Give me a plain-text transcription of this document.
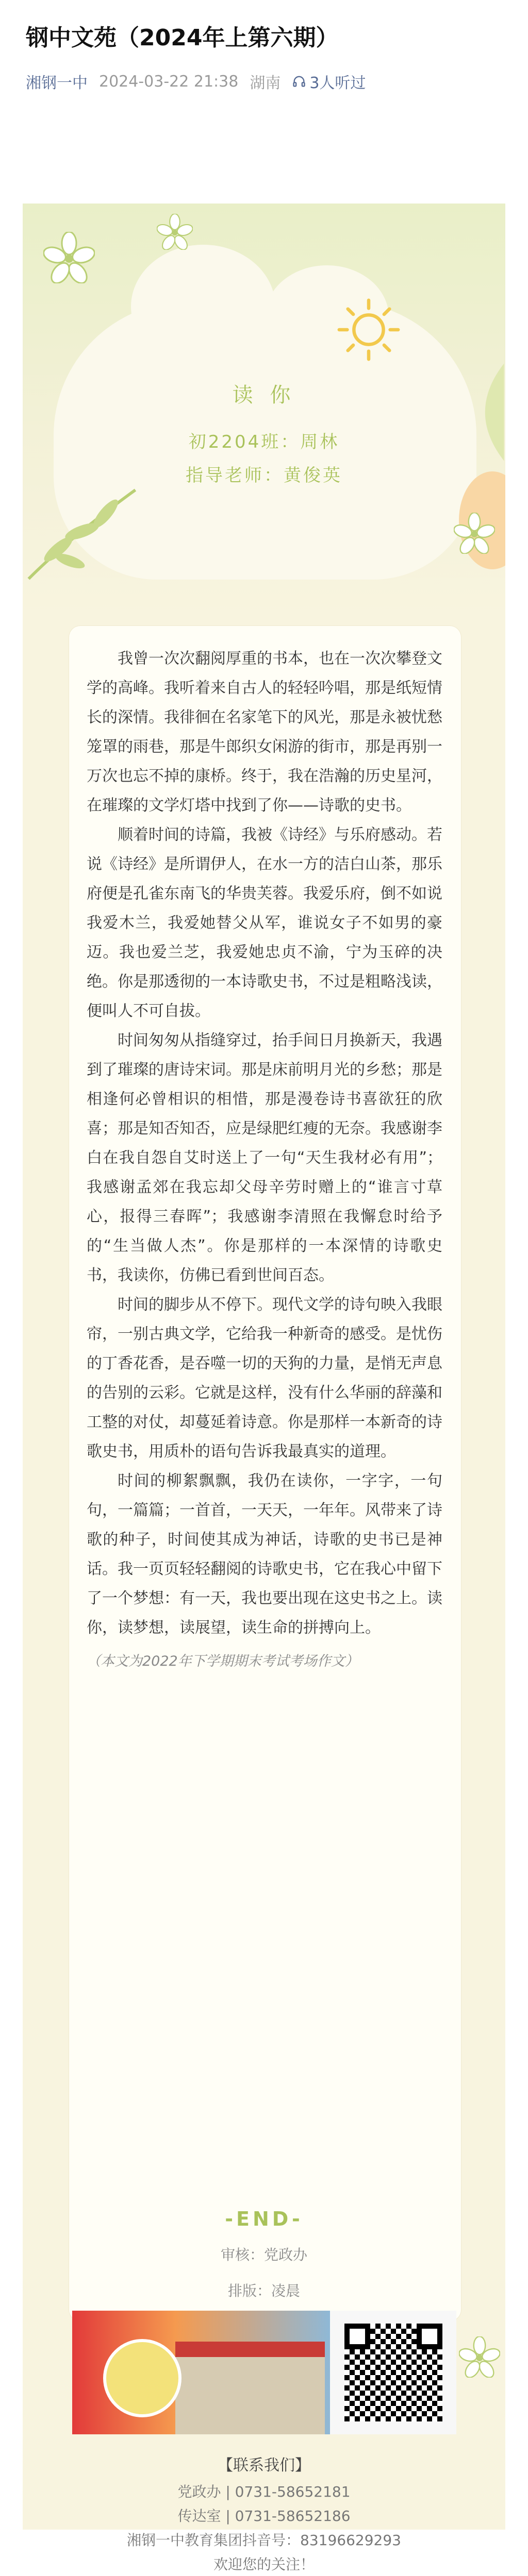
钢中文苑（2024年上第六期）
湘钢一中 2024-03-22 21:38 湖南 3人听过
读 你
初2204班：周林
指导老师：黄俊英

我曾一次次翻阅厚重的书本，也在一次次攀登文学的高峰。我听着来自古人的轻轻吟唱，那是纸短情长的深情。我徘徊在名家笔下的风光，那是永被忧愁笼罩的雨巷，那是牛郎织女闲游的街市，那是再别一万次也忘不掉的康桥。终于，我在浩瀚的历史星河，在璀璨的文学灯塔中找到了你——诗歌的史书。

顺着时间的诗篇，我被《诗经》与乐府感动。若说《诗经》是所谓伊人，在水一方的洁白山茶，那乐府便是孔雀东南飞的华贵芙蓉。我爱乐府，倒不如说我爱木兰，我爱她替父从军，谁说女子不如男的豪迈。我也爱兰芝，我爱她忠贞不渝，宁为玉碎的决绝。你是那透彻的一本诗歌史书，不过是粗略浅读，便叫人不可自拔。

时间匆匆从指缝穿过，抬手间日月换新天，我遇到了璀璨的唐诗宋词。那是床前明月光的乡愁；那是相逢何必曾相识的相惜，那是漫卷诗书喜欲狂的欣喜；那是知否知否，应是绿肥红瘦的无奈。我感谢李白在我自怨自艾时送上了一句“天生我材必有用”；我感谢孟郊在我忘却父母辛劳时赠上的“谁言寸草心，报得三春晖”；我感谢李清照在我懈怠时给予的“生当做人杰”。你是那样的一本深情的诗歌史书，我读你，仿佛已看到世间百态。

时间的脚步从不停下。现代文学的诗句映入我眼帘，一别古典文学，它给我一种新奇的感受。是忧伤的丁香花香，是吞噬一切的天狗的力量，是悄无声息的告别的云彩。它就是这样，没有什么华丽的辞藻和工整的对仗，却蔓延着诗意。你是那样一本新奇的诗歌史书，用质朴的语句告诉我最真实的道理。

时间的柳絮飘飘，我仍在读你，一字字，一句句，一篇篇；一首首，一天天，一年年。风带来了诗歌的种子，时间使其成为神话，诗歌的史书已是神话。我一页页轻轻翻阅的诗歌史书，它在我心中留下了一个梦想：有一天，我也要出现在这史书之上。读你，读梦想，读展望，读生命的拼搏向上。

（本文为2022年下学期期末考试考场作文）

-END-
审核：党政办
排版：凌晨
【联系我们】
党政办 | 0731-58652181
传达室 | 0731-58652186
湘钢一中教育集团抖音号：83196629293
欢迎您的关注！
